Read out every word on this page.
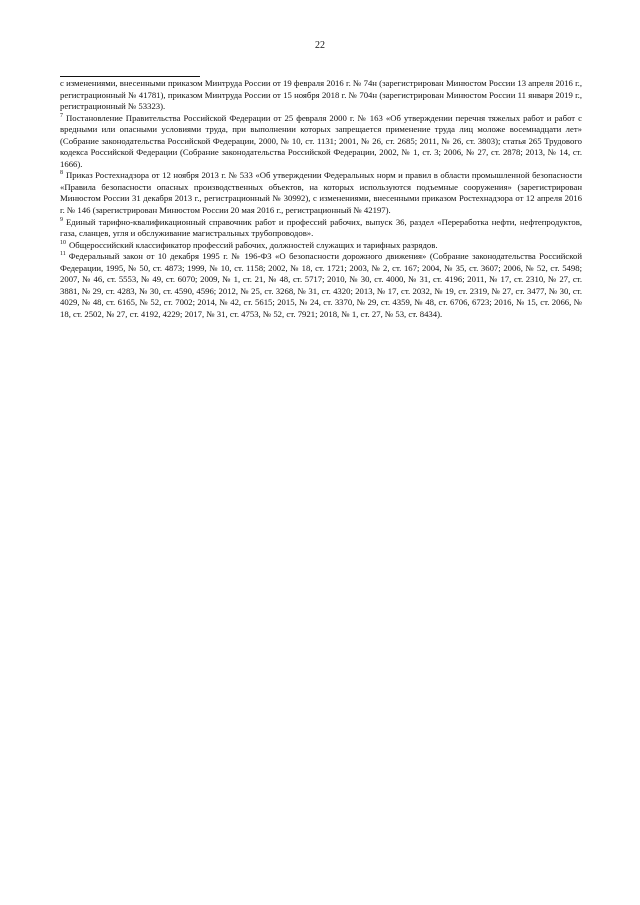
22

с изменениями, внесенными приказом Минтруда России от 19 февраля 2016 г. № 74н (зарегистрирован Минюстом России 13 апреля 2016 г., регистрационный № 41781), приказом Минтруда России от 15 ноября 2018 г. № 704н (зарегистрирован Минюстом России 11 января 2019 г., регистрационный № 53323).

$^7$ Постановление Правительства Российской Федерации от 25 февраля 2000 г. № 163 «Об утверждении перечня тяжелых работ и работ с вредными или опасными условиями труда, при выполнении которых запрещается применение труда лиц моложе восемнадцати лет» (Собрание законодательства Российской Федерации, 2000, № 10, ст. 1131; 2001, № 26, ст. 2685; 2011, № 26, ст. 3803); статья 265 Трудового кодекса Российской Федерации (Собрание законодательства Российской Федерации, 2002, № 1, ст. 3; 2006, № 27, ст. 2878; 2013, № 14, ст. 1666).

$^8$ Приказ Ростехнадзора от 12 ноября 2013 г. № 533 «Об утверждении Федеральных норм и правил в области промышленной безопасности «Правила безопасности опасных производственных объектов, на которых используются подъемные сооружения» (зарегистрирован Минюстом России 31 декабря 2013 г., регистрационный № 30992), с изменениями, внесенными приказом Ростехнадзора от 12 апреля 2016 г. № 146 (зарегистрирован Минюстом России 20 мая 2016 г., регистрационный № 42197).

$^9$ Единый тарифно-квалификационный справочник работ и профессий рабочих, выпуск 36, раздел «Переработка нефти, нефтепродуктов, газа, сланцев, угля и обслуживание магистральных трубопроводов».

$^{10}$ Общероссийский классификатор профессий рабочих, должностей служащих и тарифных разрядов.

$^{11}$ Федеральный закон от 10 декабря 1995 г. № 196-ФЗ «О безопасности дорожного движения» (Собрание законодательства Российской Федерации, 1995, № 50, ст. 4873; 1999, № 10, ст. 1158; 2002, № 18, ст. 1721; 2003, № 2, ст. 167; 2004, № 35, ст. 3607; 2006, № 52, ст. 5498; 2007, № 46, ст. 5553, № 49, ст. 6070; 2009, № 1, ст. 21, № 48, ст. 5717; 2010, № 30, ст. 4000, № 31, ст. 4196; 2011, № 17, ст. 2310, № 27, ст. 3881, № 29, ст. 4283, № 30, ст. 4590, 4596; 2012, № 25, ст. 3268, № 31, ст. 4320; 2013, № 17, ст. 2032, № 19, ст. 2319, № 27, ст. 3477, № 30, ст. 4029, № 48, ст. 6165, № 52, ст. 7002; 2014, № 42, ст. 5615; 2015, № 24, ст. 3370, № 29, ст. 4359, № 48, ст. 6706, 6723; 2016, № 15, ст. 2066, № 18, ст. 2502, № 27, ст. 4192, 4229; 2017, № 31, ст. 4753, № 52, ст. 7921; 2018, № 1, ст. 27, № 53, ст. 8434).
